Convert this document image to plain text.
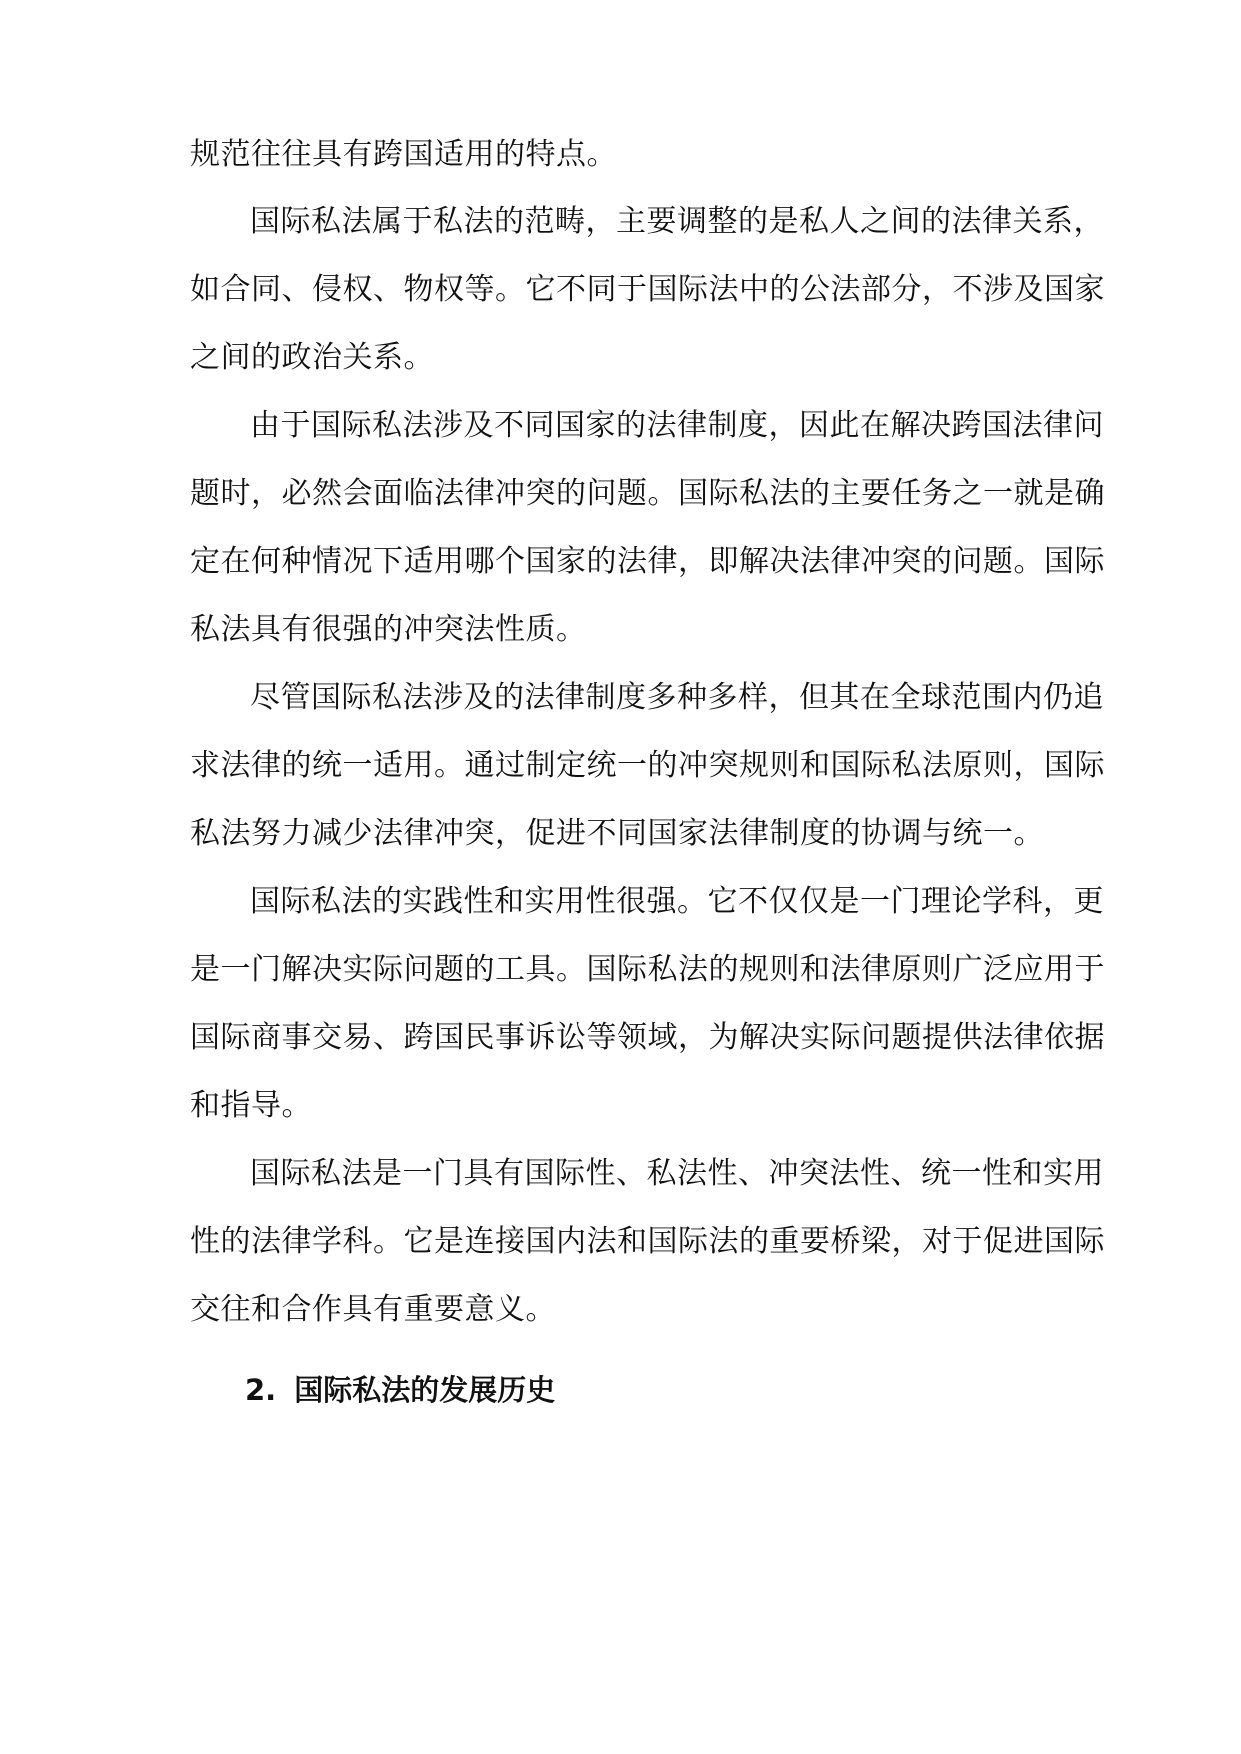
规范往往具有跨国适用的特点。
国际私法属于私法的范畴，主要调整的是私人之间的法律关系，
如合同、侵权、物权等。它不同于国际法中的公法部分，不涉及国家
之间的政治关系。
由于国际私法涉及不同国家的法律制度，因此在解决跨国法律问
题时，必然会面临法律冲突的问题。国际私法的主要任务之一就是确
定在何种情况下适用哪个国家的法律，即解决法律冲突的问题。国际
私法具有很强的冲突法性质。
尽管国际私法涉及的法律制度多种多样，但其在全球范围内仍追
求法律的统一适用。通过制定统一的冲突规则和国际私法原则，国际
私法努力减少法律冲突，促进不同国家法律制度的协调与统一。
国际私法的实践性和实用性很强。它不仅仅是一门理论学科，更
是一门解决实际问题的工具。国际私法的规则和法律原则广泛应用于
国际商事交易、跨国民事诉讼等领域，为解决实际问题提供法律依据
和指导。
国际私法是一门具有国际性、私法性、冲突法性、统一性和实用
性的法律学科。它是连接国内法和国际法的重要桥梁，对于促进国际
交往和合作具有重要意义。
2. 国际私法的发展历史
